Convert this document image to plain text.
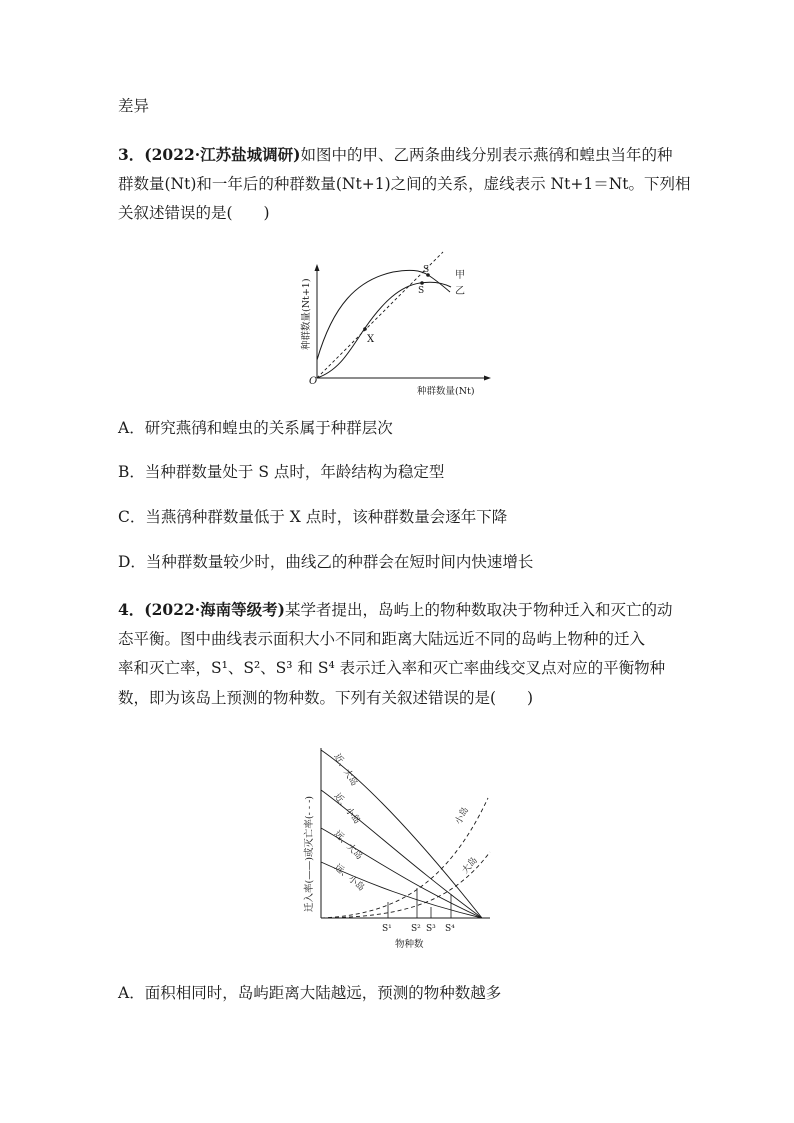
差异
3．(2022·江苏盐城调研)如图中的甲、乙两条曲线分别表示燕鸻和蝗虫当年的种
群数量(Nt)和一年后的种群数量(Nt+1)之间的关系，虚线表示 Nt+1＝Nt。下列相
关叙述错误的是(　　)
X
S
S
甲
乙
O
种群数量(Nt)
种群数量(Nt+1)
A．研究燕鸻和蝗虫的关系属于种群层次
B．当种群数量处于 S 点时，年龄结构为稳定型
C．当燕鸻种群数量低于 X 点时，该种群数量会逐年下降
D．当种群数量较少时，曲线乙的种群会在短时间内快速增长
4．(2022·海南等级考)某学者提出，岛屿上的物种数取决于物种迁入和灭亡的动
态平衡。图中曲线表示面积大小不同和距离大陆远近不同的岛屿上物种的迁入
率和灭亡率，S¹、S²、S³ 和 S⁴ 表示迁入率和灭亡率曲线交叉点对应的平衡物种
数，即为该岛上预测的物种数。下列有关叙述错误的是(　　)
近、大岛
近、小岛
远、大岛
远、小岛
小岛
大岛
S¹ S² S³ S⁴
物种数
迁入率(——)或灭亡率(- - -)
A．面积相同时，岛屿距离大陆越远，预测的物种数越多
